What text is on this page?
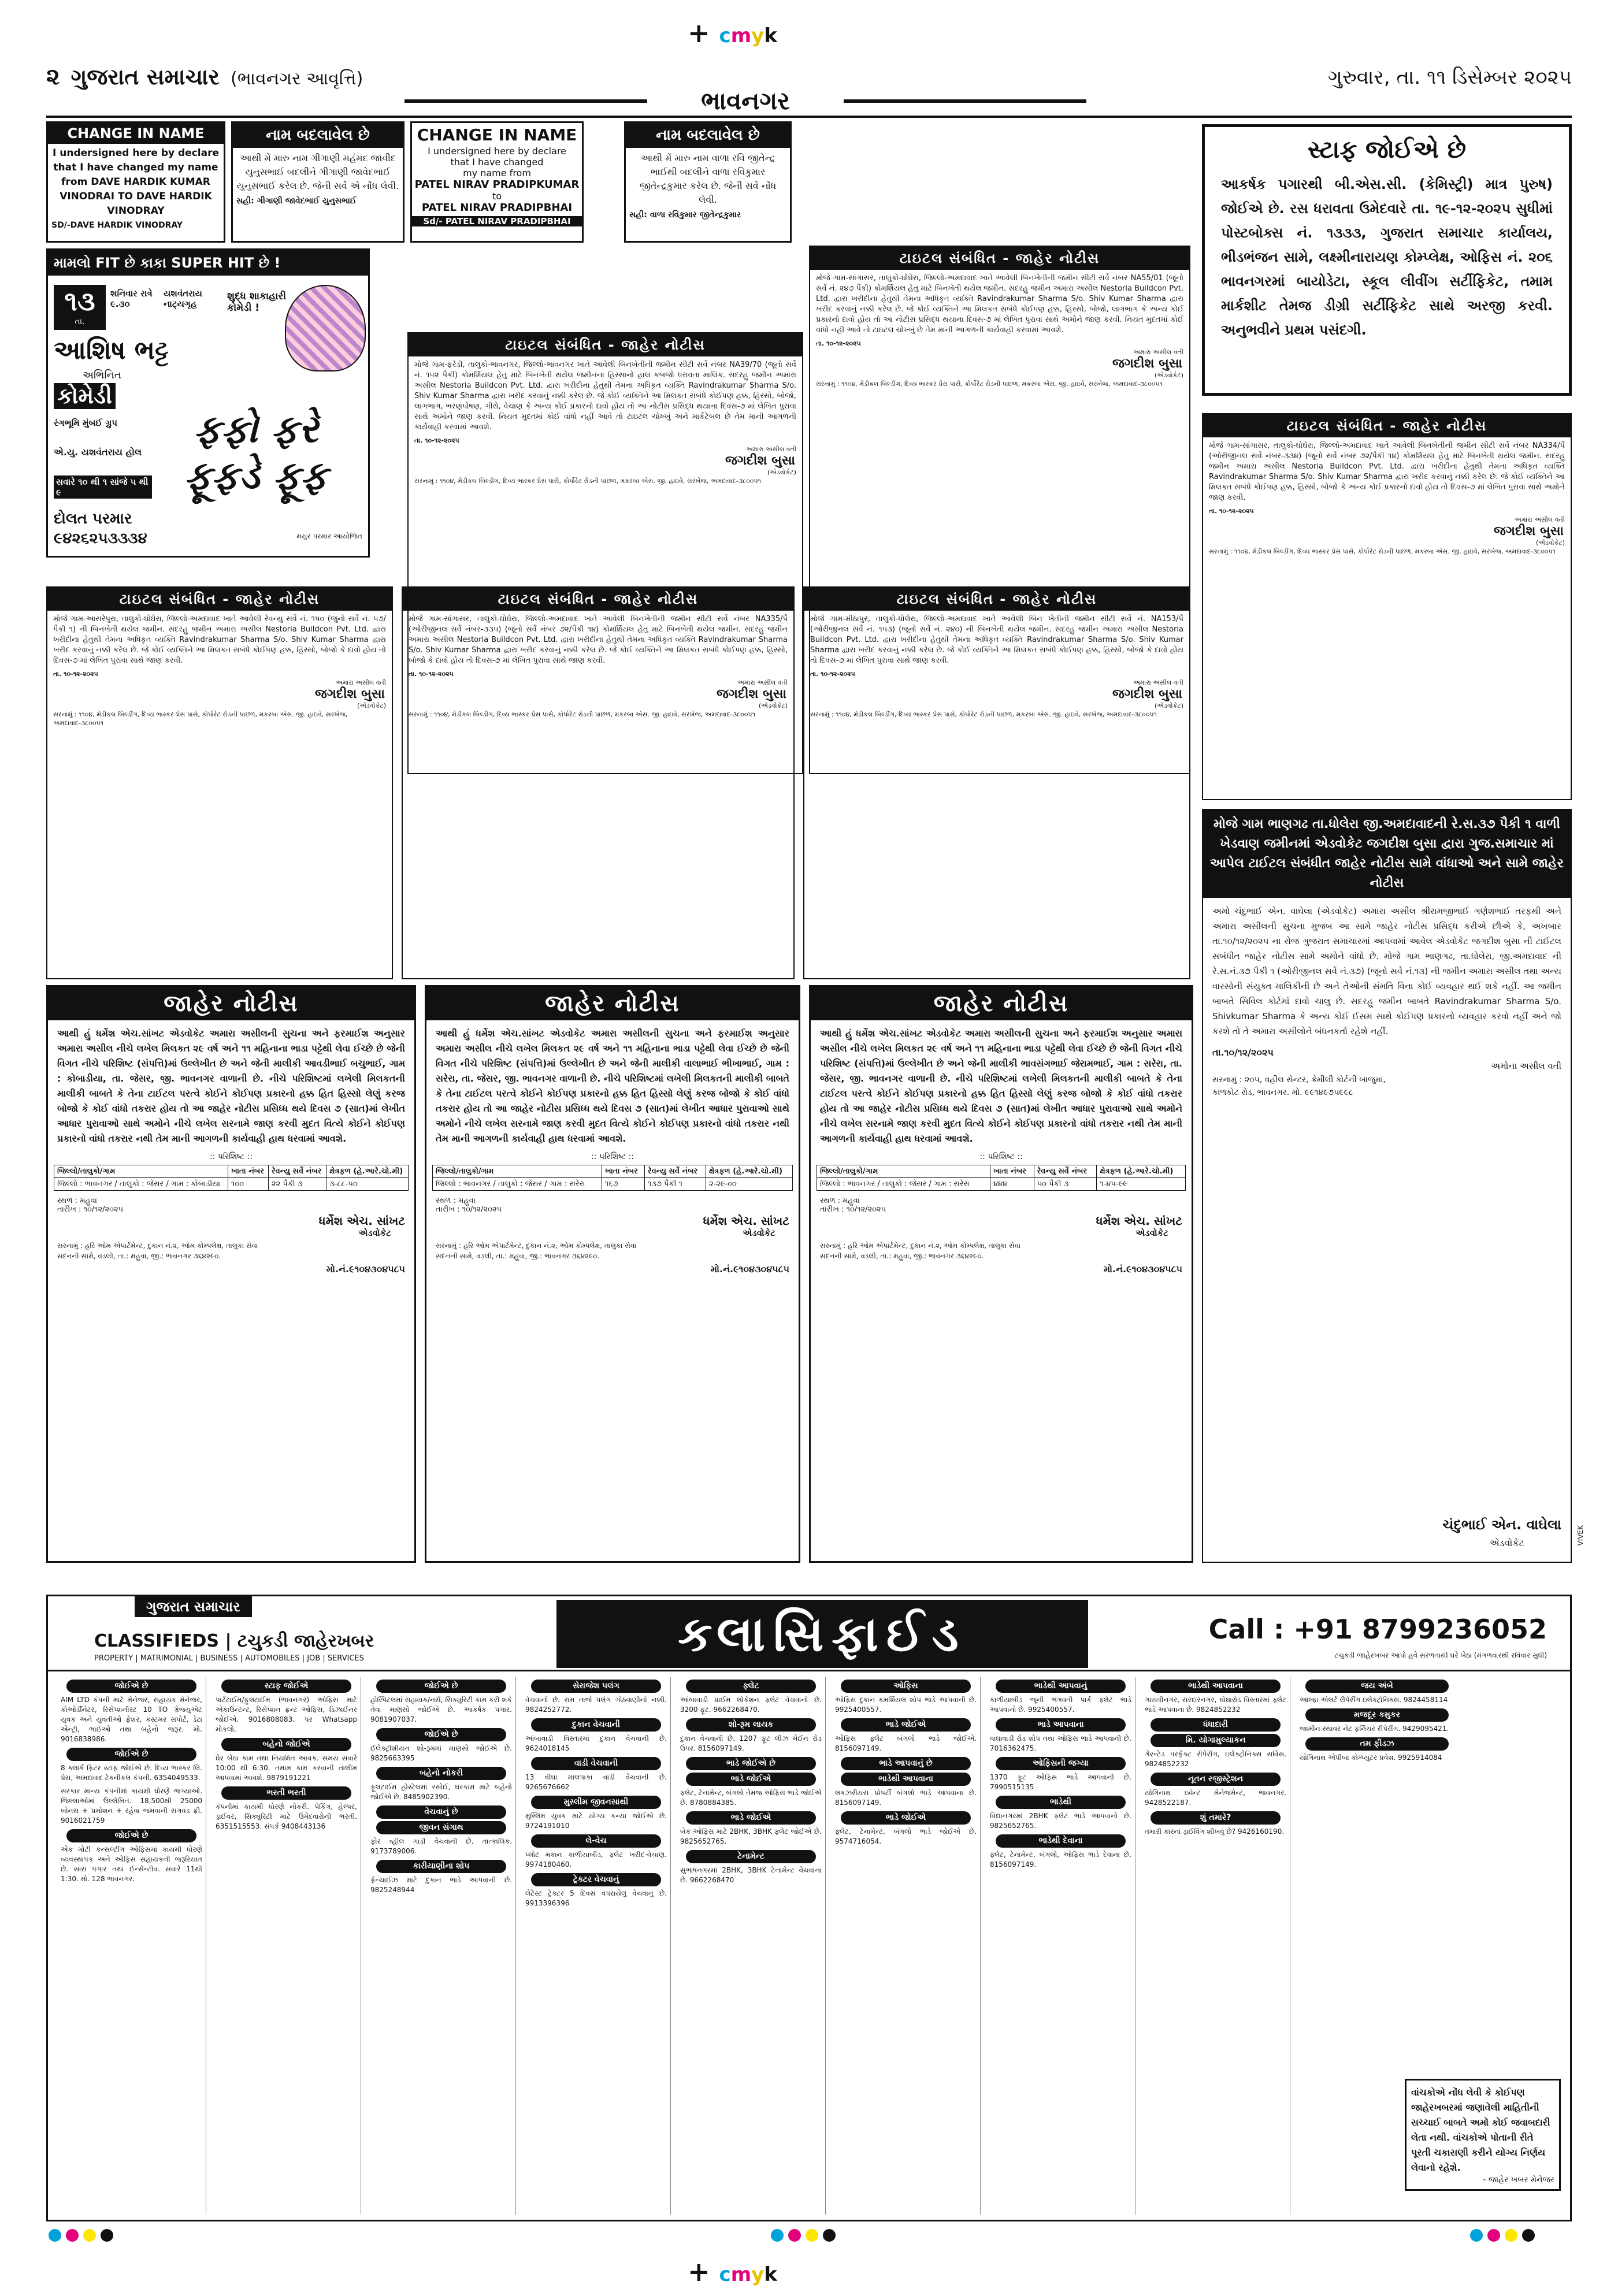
+ cmyk
૨ ગુજરાત સમાચાર (ભાવનગર આવૃત્તિ)	ગુરુવાર, તા. ૧૧ ડિસેમ્બર ૨૦૨૫
ભાવનગર
CHANGE IN NAME
I undersigned here by declare that I have changed my name from DAVE HARDIK KUMAR VINODRAI TO DAVE HARDIK VINODRAY
SD/-DAVE HARDIK VINODRAY
નામ બદલાવેલ છે
આથી મેં મારુ નામ ગીગાણી મહંમદ જાવીદ યુનુસભાઈ બદલીને ગીગાણી જાવેદભાઈ યુનુસભાઈ કરેલ છે. જેની સર્વે એ નોંધ લેવી.
સહી: ગીગાણી જાવેદભાઈ યુનુસભાઈ
CHANGE IN NAME
I undersigned here by declare
that I have changed
my name from
PATEL NIRAV PRADIPKUMAR
to
PATEL NIRAV PRADIPBHAI
Sd/- PATEL NIRAV PRADIPBHAI
નામ બદલાવેલ છે
આથી મેં મારુ નામ વાળા રવિ જીતેન્દ્ર ભાઈથી બદલીને વાળા રવિકુમાર જીતેન્દ્રકુમાર કરેલ છે. જેની સર્વે નોંધ લેવી.
સહી: વાળા રવિકુમાર જીતેન્દ્રકુમાર
સ્ટાફ જોઈએ છે
આકર્ષક પગારથી બી.એસ.સી. (કેમિસ્ટ્રી) માત્ર પુરુષ) જોઈએ છે. રસ ધરાવતા ઉમેદવારે તા. ૧૯-૧૨-૨૦૨૫ સુધીમાં પોસ્ટબોક્સ નં. ૧૩૩૩, ગુજરાત સમાચાર કાર્યાલય, ભીડભંજન સામે, લક્ષ્મીનારાયણ કોમ્પ્લેક્ષ, ઓફિસ નં. ૨૦૬ ભાવનગરમાં બાયોડેટા, સ્કૂલ લીવીંગ સર્ટીફિકેટ, તમામ માર્કશીટ તેમજ ડીગ્રી સર્ટીફિકેટ સાથે અરજી કરવી. અનુભવીને પ્રથમ પસંદગી.
મામલો FIT છે કાકા SUPER HIT છે !
૧૩
તા.
શનિવાર રાત્રે ૯.૩૦
યશવંતરાય નાટ્યગૃહ
શુદ્ધ શાકાહારી કોમેડી !
આશિષ ભટ્ટ
અભિનિત
કોમેડી
રંગભૂમિ મુંબઈ ગ્રુપ	ફફો ફરે ફૂફડે ફૂફ
એ.યુ. યશવંતરાય હોલ
સવારે ૧૦ થી ૧ સાંજે ૫ થી ૯
દોલત પરમાર
૯૪૨૬૨૫૩૩૩૪	મયુર પરમાર આયોજિત
ટાઇટલ સંબંધિત - જાહેર નોટીસ
મોજે ગામ-ફરેડી, તાલુકો-ભાવનગર, જિલ્લો-ભાવનગર ખાતે આવેલી બિનખેતીની જમીન સીટી સર્વે નંબર NA39/70 (જૂનો સર્વે નં. ૧૫૨ પૈકી) કોમર્શિયલ હેતુ માટે બિનખેતી થયેલ જમીનના હિસ્સાનો હાલ કબજો ધરાવતા માલિક. સદરહુ જમીન અમારા અસીલ Nestoria Buildcon Pvt. Ltd. દ્વારા ખરીદીના હેતુથી તેમના અધિકૃત વ્યક્તિ Ravindrakumar Sharma S/o. Shiv Kumar Sharma દ્વારા ખરીદ કરવાનું નક્કી કરેલ છે. જે કોઈ વ્યક્તિને આ મિલકત સબંધે કોઈપણ હક્ક, હિસ્સો, બોજો, લાગભાગ, ભરણપોષણ, ગીરો, વેચાણ કે અન્ય કોઈ પ્રકારનો દાવો હોય તો આ નોટીસ પ્રસિદ્ધ થયાના દિવસ-૭ માં લેખિત પુરાવા સાથે અમોને જાણ કરવી. નિયત મુદતમાં કોઈ વાંધો નહીં આવે તો ટાઇટલ ચોખ્ખું અને માર્કેટેબલ છે તેમ માની આગળની કાર્યવાહી કરવામાં આવશે.
તા. ૧૦-૧૨-૨૦૨૫
અમારા અસીલ વતી
જગદીશ બુસા
(એડવોકેટ)
સરનામું : ૧૧૦૪, મેડીકલ બિલ્ડીંગ, દિવ્ય ભાસ્કર પ્રેસ પાસે, કોર્પોરેટ રોડની પાછળ, મકરબા એસ. જી. હાઇવે, સરખેજ, અમદાવાદ-૩૮૦૦૫૧
ટાઇટલ સંબંધિત - જાહેર નોટીસ
મોજે ગામ-સાંગાસર, તાલુકો-ઘોઘેરા, જિલ્લો-અમદાવાદ ખાતે આવેલી બિનખેતીની જમીન સીટી સર્વે નંબર NA55/01 (જૂનો સર્વે નં. ૨૪૭ પૈકી) કોમર્શિયલ હેતુ માટે બિનખેતી થયેલ જમીન. સદરહુ જમીન અમારા અસીલ Nestoria Buildcon Pvt. Ltd. દ્વારા ખરીદીના હેતુથી તેમના અધિકૃત વ્યક્તિ Ravindrakumar Sharma S/o. Shiv Kumar Sharma દ્વારા ખરીદ કરવાનું નક્કી કરેલ છે. જે કોઈ વ્યક્તિને આ મિલકત સબંધે કોઈપણ હક્ક, હિસ્સો, બોજો, લાગભાગ કે અન્ય કોઈ પ્રકારનો દાવો હોય તો આ નોટીસ પ્રસિદ્ધ થયાના દિવસ-૭ માં લેખિત પુરાવા સાથે અમોને જાણ કરવી. નિયત મુદતમાં કોઈ વાંધો નહીં આવે તો ટાઇટલ ચોખ્ખું છે તેમ માની આગળની કાર્યવાહી કરવામાં આવશે.
તા. ૧૦-૧૨-૨૦૨૫
અમારા અસીલ વતી
જગદીશ બુસા
(એડવોકેટ)
સરનામું : ૧૧૦૪, મેડીકલ બિલ્ડીંગ, દિવ્ય ભાસ્કર પ્રેસ પાસે, કોર્પોરેટ રોડની પાછળ, મકરબા એસ. જી. હાઇવે, સરખેજ, અમદાવાદ-૩૮૦૦૫૧
ટાઇટલ સંબંધિત - જાહેર નોટીસ
મોજે ગામ-સાંગાસર, તાલુકો-ઘોઘેરા, જિલ્લો-અમદાવાદ ખાતે આવેલી બિનખેતીની જમીન સીટી સર્વે નંબર NA334/પૈ (ઓરીજીનલ સર્વે નંબર-૩૩૪) (જૂનો સર્વે નંબર ૭૨/પૈકી ૧૪) કોમર્શિયલ હેતુ માટે બિનખેતી થયેલ જમીન. સદરહુ જમીન અમારા અસીલ Nestoria Buildcon Pvt. Ltd. દ્વારા ખરીદીના હેતુથી તેમના અધિકૃત વ્યક્તિ Ravindrakumar Sharma S/o. Shiv Kumar Sharma દ્વારા ખરીદ કરવાનું નક્કી કરેલ છે. જે કોઈ વ્યક્તિને આ મિલકત સબંધે કોઈપણ હક્ક, હિસ્સો, બોજો કે અન્ય કોઈ પ્રકારનો દાવો હોય તો દિવસ-૭ માં લેખિત પુરાવા સાથે અમોને જાણ કરવી.
તા. ૧૦-૧૨-૨૦૨૫
અમારા અસીલ વતી
જગદીશ બુસા
(એડવોકેટ)
સરનામું : ૧૧૦૪, મેડીકલ બિલ્ડીંગ, દિવ્ય ભાસ્કર પ્રેસ પાસે, કોર્પોરેટ રોડની પાછળ, મકરબા એસ. જી. હાઇવે, સરખેજ, અમદાવાદ-૩૮૦૦૫૧
ટાઇટલ સંબંધિત - જાહેર નોટીસ
મોજે ગામ-આસરેપુરા, તાલુકો-ઘોઘેરા, જિલ્લો-અમદાવાદ ખાતે આવેલી રેવન્યુ સર્વે નં. ૧૫૦ (જુનો સર્વે નં. ૫૭/પૈકી ૧) ની બિનખેતી થયેલ જમીન. સદરહુ જમીન અમારા અસીલ Nestoria Buildcon Pvt. Ltd. દ્વારા ખરીદીના હેતુથી તેમના અધિકૃત વ્યક્તિ Ravindrakumar Sharma S/o. Shiv Kumar Sharma દ્વારા ખરીદ કરવાનું નક્કી કરેલ છે. જે કોઈ વ્યક્તિને આ મિલકત સબંધે કોઈપણ હક્ક, હિસ્સો, બોજો કે દાવો હોય તો દિવસ-૭ માં લેખિત પુરાવા સાથે જાણ કરવી.
તા. ૧૦-૧૨-૨૦૨૫
અમારા અસીલ વતી
જગદીશ બુસા
(એડવોકેટ)
સરનામું : ૧૧૦૪, મેડીકલ બિલ્ડીંગ, દિવ્ય ભાસ્કર પ્રેસ પાસે, કોર્પોરેટ રોડની પાછળ, મકરબા એસ. જી. હાઇવે, સરખેજ, અમદાવાદ-૩૮૦૦૫૧
ટાઇટલ સંબંધિત - જાહેર નોટીસ
મોજે ગામ-સાંગાસર, તાલુકો-ઘોઘેરા, જિલ્લો-અમદાવાદ ખાતે આવેલી બિનખેતીની જમીન સીટી સર્વે નંબર NA335/પૈ (ઓરીજીનલ સર્વે નંબર-૩૩૫) (જૂનો સર્વે નંબર ૭૨/પૈકી ૧૪) કોમર્શિયલ હેતુ માટે બિનખેતી થયેલ જમીન. સદરહુ જમીન અમારા અસીલ Nestoria Buildcon Pvt. Ltd. દ્વારા ખરીદીના હેતુથી તેમના અધિકૃત વ્યક્તિ Ravindrakumar Sharma S/o. Shiv Kumar Sharma દ્વારા ખરીદ કરવાનું નક્કી કરેલ છે. જે કોઈ વ્યક્તિને આ મિલકત સબંધે કોઈપણ હક્ક, હિસ્સો, બોજો કે દાવો હોય તો દિવસ-૭ માં લેખિત પુરાવા સાથે જાણ કરવી.
તા. ૧૦-૧૨-૨૦૨૫
અમારા અસીલ વતી
જગદીશ બુસા
(એડવોકેટ)
સરનામું : ૧૧૦૪, મેડીકલ બિલ્ડીંગ, દિવ્ય ભાસ્કર પ્રેસ પાસે, કોર્પોરેટ રોડની પાછળ, મકરબા એસ. જી. હાઇવે, સરખેજ, અમદાવાદ-૩૮૦૦૫૧
ટાઇટલ સંબંધિત - જાહેર નોટીસ
મોજે ગામ-મીઠાપુર, તાલુકો-ધોલેરા, જિલ્લો-અમદાવાદ ખાતે આવેલી બિન ખેતીની જમીન સીટી સર્વે નં. NA153/પૈ (ઓરીજીનલ સર્વે નં. ૧૫૩) (જૂનો સર્વે નં. ૨૪૦) ની બિનખેતી થયેલ જમીન. સદરહુ જમીન અમારા અસીલ Nestoria Buildcon Pvt. Ltd. દ્વારા ખરીદીના હેતુથી તેમના અધિકૃત વ્યક્તિ Ravindrakumar Sharma S/o. Shiv Kumar Sharma દ્વારા ખરીદ કરવાનું નક્કી કરેલ છે. જે કોઈ વ્યક્તિને આ મિલકત સબંધે કોઈપણ હક્ક, હિસ્સો, બોજો કે દાવો હોય તો દિવસ-૭ માં લેખિત પુરાવા સાથે જાણ કરવી.
તા. ૧૦-૧૨-૨૦૨૫
અમારા અસીલ વતી
જગદીશ બુસા
(એડવોકેટ)
સરનામું : ૧૧૦૪, મેડીકલ બિલ્ડીંગ, દિવ્ય ભાસ્કર પ્રેસ પાસે, કોર્પોરેટ રોડની પાછળ, મકરબા એસ. જી. હાઇવે, સરખેજ, અમદાવાદ-૩૮૦૦૫૧
જાહેર નોટીસ
આથી હું ધર્મેશ એચ.સાંખટ એડવોકેટ અમારા અસીલની સુચના અને ફરમાઈશ અનુસાર અમારા અસીલ નીચે લખેલ મિલકત ૨૯ વર્ષ અને ૧૧ મહિનાના ભાડા પટ્ટેથી લેવા ઈચ્છે છે જેની વિગત નીચે પરિશિષ્ટ (સંપત્તિ)માં ઉલ્લેખીત છે અને જેની માલીકી આવડીભાઈ બચુભાઈ, ગામ : કોબાડીયા, તા. જેસર, જી. ભાવનગર વાળાની છે. નીચે પરિશિષ્ટમાં લખેલી મિલકતની માલીકી બાબતે કે તેના ટાઈટલ પરત્વે કોઈને કોઈપણ પ્રકારનો હક્ક હિત હિસ્સો લેણું કરજ બોજો કે કોઈ વાંધો તકરાર હોય તો આ જાહેર નોટીસ પ્રસિધ્ધ થયે દિવસ ૭ (સાત)માં લેખીત આધાર પુરાવાઓ સાથે અમોને નીચે લખેલ સરનામે જાણ કરવી મુદત વિત્યે કોઈને કોઈપણ પ્રકારનો વાંધો તકરાર નથી તેમ માની આગળની કાર્યવાહી હાથ ધરવામાં આવશે.
:: પરિશિષ્ટ ::
જિલ્લો/તાલુકો/ગામ	ખાતા નંબર	રેવન્યુ સર્વે નંબર	ક્ષેત્રફળ (હે.આરે.ચો.મી)
જિલ્લો : ભાવનગર / તાલુકો : જેસર / ગામ : કોબાડીયા	૧૦૦	૨૨ પૈકી ૩	૩-૮૮-૫૦
સ્થળ : મહુવા
તારીખ : ૧૦/૧૨/૨૦૨૫
ધર્મેશ એચ. સાંખટ
એડવોકેટ
સરનામું : હરિ ઓમ એપાર્ટમેન્ટ, દુકાન નં.૨, ઓમ કોમ્પલેક્ષ, તાલુકા સેવા સદનની સામે, વડલી, તા.: મહુવા, જી.: ભાવનગર ૩૬૪૨૯૦.
મો.નં.૯૧૦૪૩૦૪૫૮૫
જાહેર નોટીસ
આથી હું ધર્મેશ એચ.સાંખટ એડવોકેટ અમારા અસીલની સુચના અને ફરમાઈશ અનુસાર અમારા અસીલ નીચે લખેલ મિલકત ૨૯ વર્ષ અને ૧૧ મહિનાના ભાડા પટ્ટેથી લેવા ઈચ્છે છે જેની વિગત નીચે પરિશિષ્ટ (સંપત્તિ)માં ઉલ્લેખીત છે અને જેની માલીકી વાલાભાઈ ભીખાભાઈ, ગામ : સરેરા, તા. જેસર, જી. ભાવનગર વાળાની છે. નીચે પરિશિષ્ટમાં લખેલી મિલકતની માલીકી બાબતે કે તેના ટાઈટલ પરત્વે કોઈને કોઈપણ પ્રકારનો હક્ક હિત હિસ્સો લેણું કરજ બોજો કે કોઈ વાંધો તકરાર હોય તો આ જાહેર નોટીસ પ્રસિધ્ધ થયે દિવસ ૭ (સાત)માં લેખીત આધાર પુરાવાઓ સાથે અમોને નીચે લખેલ સરનામે જાણ કરવી મુદત વિત્યે કોઈને કોઈપણ પ્રકારનો વાંધો તકરાર નથી તેમ માની આગળની કાર્યવાહી હાથ ધરવામાં આવશે.
:: પરિશિષ્ટ ::
જિલ્લો/તાલુકો/ગામ	ખાતા નંબર	રેવન્યુ સર્વે નંબર	ક્ષેત્રફળ (હે.આરે.ચો.મી)
જિલ્લો : ભાવનગર / તાલુકો : જેસર / ગામ : સરેરા	૧૬૭	૧૩૭ પૈકી ૧	૨-૨૯-૦૦
સ્થળ : મહુવા
તારીખ : ૧૦/૧૨/૨૦૨૫
ધર્મેશ એચ. સાંખટ
એડવોકેટ
સરનામું : હરિ ઓમ એપાર્ટમેન્ટ, દુકાન નં.૨, ઓમ કોમ્પલેક્ષ, તાલુકા સેવા સદનની સામે, વડલી, તા.: મહુવા, જી.: ભાવનગર ૩૬૪૨૯૦.
મો.નં.૯૧૦૪૩૦૪૫૮૫
જાહેર નોટીસ
આથી હું ધર્મેશ એચ.સાંખટ એડવોકેટ અમારા અસીલની સુચના અને ફરમાઈશ અનુસાર અમારા અસીલ નીચે લખેલ મિલકત ૨૯ વર્ષ અને ૧૧ મહિનાના ભાડા પટ્ટેથી લેવા ઈચ્છે છે જેની વિગત નીચે પરિશિષ્ટ (સંપત્તિ)માં ઉલ્લેખીત છે અને જેની માલીકી ભાવસંગભાઈ જેરામભાઈ, ગામ : સરેરા, તા. જેસર, જી. ભાવનગર વાળાની છે. નીચે પરિશિષ્ટમાં લખેલી મિલકતની માલીકી બાબતે કે તેના ટાઈટલ પરત્વે કોઈને કોઈપણ પ્રકારનો હક્ક હિત હિસ્સો લેણું કરજ બોજો કે કોઈ વાંધો તકરાર હોય તો આ જાહેર નોટીસ પ્રસિધ્ધ થયે દિવસ ૭ (સાત)માં લેખીત આધાર પુરાવાઓ સાથે અમોને નીચે લખેલ સરનામે જાણ કરવી મુદત વિત્યે કોઈને કોઈપણ પ્રકારનો વાંધો તકરાર નથી તેમ માની આગળની કાર્યવાહી હાથ ધરવામાં આવશે.
:: પરિશિષ્ટ ::
જિલ્લો/તાલુકો/ગામ	ખાતા નંબર	રેવન્યુ સર્વે નંબર	ક્ષેત્રફળ (હે.આરે.ચો.મી)
જિલ્લો : ભાવનગર / તાલુકો : જેસર / ગામ : સરેરા	૪૪૪	૫૦ પૈકી ૩	૧-૪૫-૯૯
સ્થળ : મહુવા
તારીખ : ૧૦/૧૨/૨૦૨૫
ધર્મેશ એચ. સાંખટ
એડવોકેટ
સરનામું : હરિ ઓમ એપાર્ટમેન્ટ, દુકાન નં.૨, ઓમ કોમ્પલેક્ષ, તાલુકા સેવા સદનની સામે, વડલી, તા.: મહુવા, જી.: ભાવનગર ૩૬૪૨૯૦.
મો.નં.૯૧૦૪૩૦૪૫૮૫
મોજે ગામ ભાણગઢ તા.ધોલેરા જી.અમદાવાદની રે.સ.૩૭ પૈકી ૧ વાળી ખેડવાણ જમીનમાં એડવોકેટ જગદીશ બુસા દ્વારા ગુજ.સમાચાર માં આપેલ ટાઈટલ સંબંધીત જાહેર નોટીસ સામે વાંધાઓ અને સામે જાહેર નોટીસ
અમો ચંદુભાઈ એન. વાઘેલા (એડવોકેટ) અમારા અસીલ શ્રીરામજીભાઈ ગણેશભાઈ તરફથી અને અમારા અસીલની સુચના મુજબ આ સામે જાહેર નોટીસ પ્રસિદ્ધ કરીએ છીએ કે, અખબાર તા.૧૦/૧૨/૨૦૨૫ ના રોજ ગુજરાત સમાચારમાં આપવામાં આવેલ એડવોકેટ જગદીશ બુસા ની ટાઈટલ સબંધીત જાહેર નોટીસ સામે અમોને વાંધો છે. મોજે ગામ ભાણગઢ, તા.ધોલેરા, જી.અમદાવાદ ની રે.સ.નં.૩૭ પૈકી ૧ (ઓરીજીનલ સર્વે નં.૩૭) (જૂનો સર્વે નં.૧૩) ની જમીન અમારા અસીલ તથા અન્ય વારસોની સંયુક્ત માલિકીની છે અને તેઓની સંમતિ વિના કોઈ વ્યવહાર થઈ શકે નહીં. આ જમીન બાબતે સિવિલ કોર્ટમાં દાવો ચાલુ છે. સદરહુ જમીન બાબતે Ravindrakumar Sharma S/o. Shivkumar Sharma કે અન્ય કોઈ ઈસમ સાથે કોઈપણ પ્રકારનો વ્યવહાર કરવો નહીં અને જો કરશે તો તે અમારા અસીલોને બંધનકર્તા રહેશે નહીં.
તા.૧૦/૧૨/૨૦૨૫
અમોના અસીલ વતી
સરનામું : ૨૦૫, વહીલ સેન્ટર, ક્રેમીલી કોર્ટની બાજુમાં, કાળકોટ રોડ, ભાવનગર. મો. ૯૯૧૪૯૭૫૯૯૮
ચંદુભાઈ એન. વાઘેલા
એડવોકેટ	VIVEK
ગુજરાત સમાચાર
CLASSIFIEDS | ટચુકડી જાહેરખબર
PROPERTY | MATRIMONIAL | BUSINESS | AUTOMOBILES | JOB | SERVICES	ક્લાસિફાઈડ	Call : +91 8799236052
ટચુકડી જાહેરખબર આપો હવે સરળતાથી ઘરે બેઠા (મંગળવારથી રવિવાર સુધી)
જોઈએ છે
AIM LTD કંપની માટે મેનેજર, સહાયક મેનેજર, કોઓર્ડીનેટર, રિસેપ્શનીસ્ટ 10 TO ગ્રેજ્યુએટ યુવક અને યુવતીઓ ફ્રેશર, કસ્ટમર સપોર્ટ, ડેટા એન્ટ્રી, ભાઈઓ તથા બહેનો જરૂર. મો. 9016838986.
જોઈએ છે
8 ક્લાર્ક ફિટર સ્ટાફ જોઈએ છે. દિવ્ય ભાસ્કર લિ. પ્રેસ, અમદાવાદ ટેક્નીકલ કંપની. 6354049533.
સરકાર માન્ય કંપનીમાં કાયમી ધોરણે જગ્યાઓ. જિલ્લાઓમાં ઉલ્લેખિત. 18,500થી 25000 બોનસ + પ્રમોશન + રહેવા જમવાની સગવડ ફ્રી. 9016021759
જોઈએ છે
એક મોટી કન્સલ્ટીંગ ઓફિસમાં કાયમી ધોરણે વ્યવસ્થાપક અને ઓફિસ સહાયકની જરૂરિયાત છે. સારા પગાર તથા ઈન્સેન્ટીવ. સવારે 11થી 1:30. મો. 128 ભાવનગર.
સ્ટાફ જોઈએ
પાર્ટટાઈમ/ફુલટાઈમ (ભાવનગર) ઓફિસ માટે એકાઉન્ટન્ટ, રિસેપ્શન ફ્રન્ટ ઓફિસ, ડિઝાઈનર જોઈએ. 9016808083. પર Whatsapp મોકલો.
બહેનો જોઈએ
ઘેર બેઠા કામ તથા નિયમિત આવક. સમય સવારે 10:00 થી 6:30. તમામ કામ કરવાની તાલીમ આપવામાં આવશે. 9879191221
ભરતી ભરતી
કંપનીમાં કાયમી ધોરણે નોકરી. પેકિંગ, હેલ્પર, ડ્રાઈવર, સિક્યુરિટી માટે ઉમેદવારોની ભરતી. 6351515553. સંપર્ક 9408443136
જોઈએ છે
હોસ્પિટલમાં સહાયક/નર્સ, સિક્યુરિટી કામ કરી શકે તેવા માણસો જોઈએ છે. આકર્ષક પગાર. 9081907037.
જોઈએ છે
ઈલેક્ટ્રીશીયન શો-રૂમમાં માણસો જોઈએ છે. 9825663395
બહેનો નોકરી
ફૂલટાઈમ હોસ્ટેલમાં રસોઈ, ઘરકામ માટે બહેનો જોઈએ છે. 8485902390.
વેચવાનું છે
જીવન સંગાથ
ફોર વ્હીલ ગાડી વેચવાની છે. તાત્કાલિક. 9173789006.
કારીયાણીના શોપ
ફ્રેન્ચાઈઝ માટે દુકાન ભાડે આપવાની છે. 9825248944
સેરાજેશ પલંગ
વેચવાનો છે. રામ તાજે પલંગ ગોઠવાણીનો નક્કી. 9824252772.
દુકાન વેચવાની
આંબાવાડી વિસ્તારમાં દુકાન વેચવાની છે. 9624018145
વાડી વેચવાની
13 વીઘા માલપાકા વાડી વેચવાની છે. 9265676662
મુસ્લીમ જીવનસાથી
મુસ્લિમ યુવક માટે યોગ્ય કન્યા જોઈએ છે. 9724191010
લે-વેચ
પ્લોટ મકાન કાળીયાબીડ, ફ્લેટ ખરીદ-વેચાણ. 9974180460.
ટ્રેક્ટર વેચવાનું
લેટેસ્ટ ટ્રેક્ટર 5 દિવસ વપરાયેલું વેચવાનું છે. 9913396396
ફ્લેટ
આંબાવાડી પ્રાઈમ લોકેશન ફ્લેટ વેચવાનો છે. 3200 ફૂટ. 9662268470.
શો-રૂમ લાયક
દુકાન વેચવાની છે. 1207 ફૂટ લીઝ મેઈન રોડ ઉપર. 8156097149.
ભાડે જોઈએ છે
ભાડે જોઈએ
ફ્લેટ, ટેનામેન્ટ, બંગલો તેમજ ઓફિસ ભાડે જોઈએ છે. 8780884385.
ભાડે જોઈએ
બેક ઓફિસ માટે 2BHK, 3BHK ફ્લેટ જોઈએ છે. 9825652765.
ટેનામેન્ટ
સુભાષનગરમાં 2BHK, 3BHK ટેનામેન્ટ વેચવાના છે. 9662268470
ઓફિસ
ઓફિસ દુકાન કમર્શિયલ શોપ ભાડે આપવાની છે. 9925400557.
ભાડે જોઈએ
ઓફિસ ફ્લેટ બંગલો ભાડે જોઈએ. 8156097149.
ભાડે આપવાનું છે
ભાડેથી આપવાના
લકઝરીયસ પ્રોપર્ટી બંગલો ભાડે આપવાના છે. 8156097149.
ભાડે જોઈએ
ફ્લેટ, ટેનામેન્ટ, બંગલો ભાડે જોઈએ છે. 9574716054.
ભાડેથી આપવાનું
કાળીયાબીડ જૂની ભગવતી પાર્ક ફ્લેટ ભાડે આપવાનો છે. 9925400557.
ભાડે આપવાના
વાઘાવાડી રોડ શોપ તથા ઓફિસ ભાડે આપવાની છે. 7016362475.
ઓફિસની જગ્યા
1370 ફૂટ ઓફિસ ભાડે આપવાની છે. 7990515135
ભાડેથી
વિદ્યાનગરમાં 2BHK ફ્લેટ ભાડે આપવાનો છે. 9825652765.
ભાડેથી દેવાના
ફ્લેટ, ટેનામેન્ટ, બંગલો, ઓફિસ ભાડે દેવાના છે. 8156097149.
ભાડેથી આપવાના
ગાયત્રીનગર, સરદારનગર, ઘોઘારોડ વિસ્તારમાં ફ્લેટ ભાડે આપવાના છે. 9824852232
ધંધાદારી
મિ. યોગામુલ્યાકન
ગેરન્ટેડ પરફેક્ટ રીપેરીંગ, ઇલેક્ટ્રોનિક્સ સર્વિસ. 9824852232
નૂતન રજીસ્ટ્રેશન
યોગિનાથ ઇવેન્ટ મેનેજમેન્ટ, ભાવનગર. 9428522187.
શું તમારે?
તમારી કારનાં ડ્રાઈવિંગ શીખવું છે? 9426160190.
જય અંબે
આલ્ફા એલર્ટ રીપેરીંગ ઇલેક્ટ્રોનિક્સ. 9824458114
મજદૂર કમુકર
જામીન સ્થાવર નેટ ફર્નિચર રીપેરીંગ. 9429095421.
તમ ફીડઝ
યોગિનાથ એપીબા કોમ્પ્યુટર પ્રવેશ. 9925914084
વાંચકોએ નોંધ લેવી કે કોઈપણ જાહેરખબરમાં જણાવેલી માહિતીની સચ્ચાઈ બાબતે અમો કોઈ જવાબદારી લેતા નથી. વાંચકોએ પોતાની રીતે પૂરતી ચકાસણી કરીને યોગ્ય નિર્ણય લેવાનો રહેશે.
- જાહેર ખબર મેનેજર
+ cmyk
